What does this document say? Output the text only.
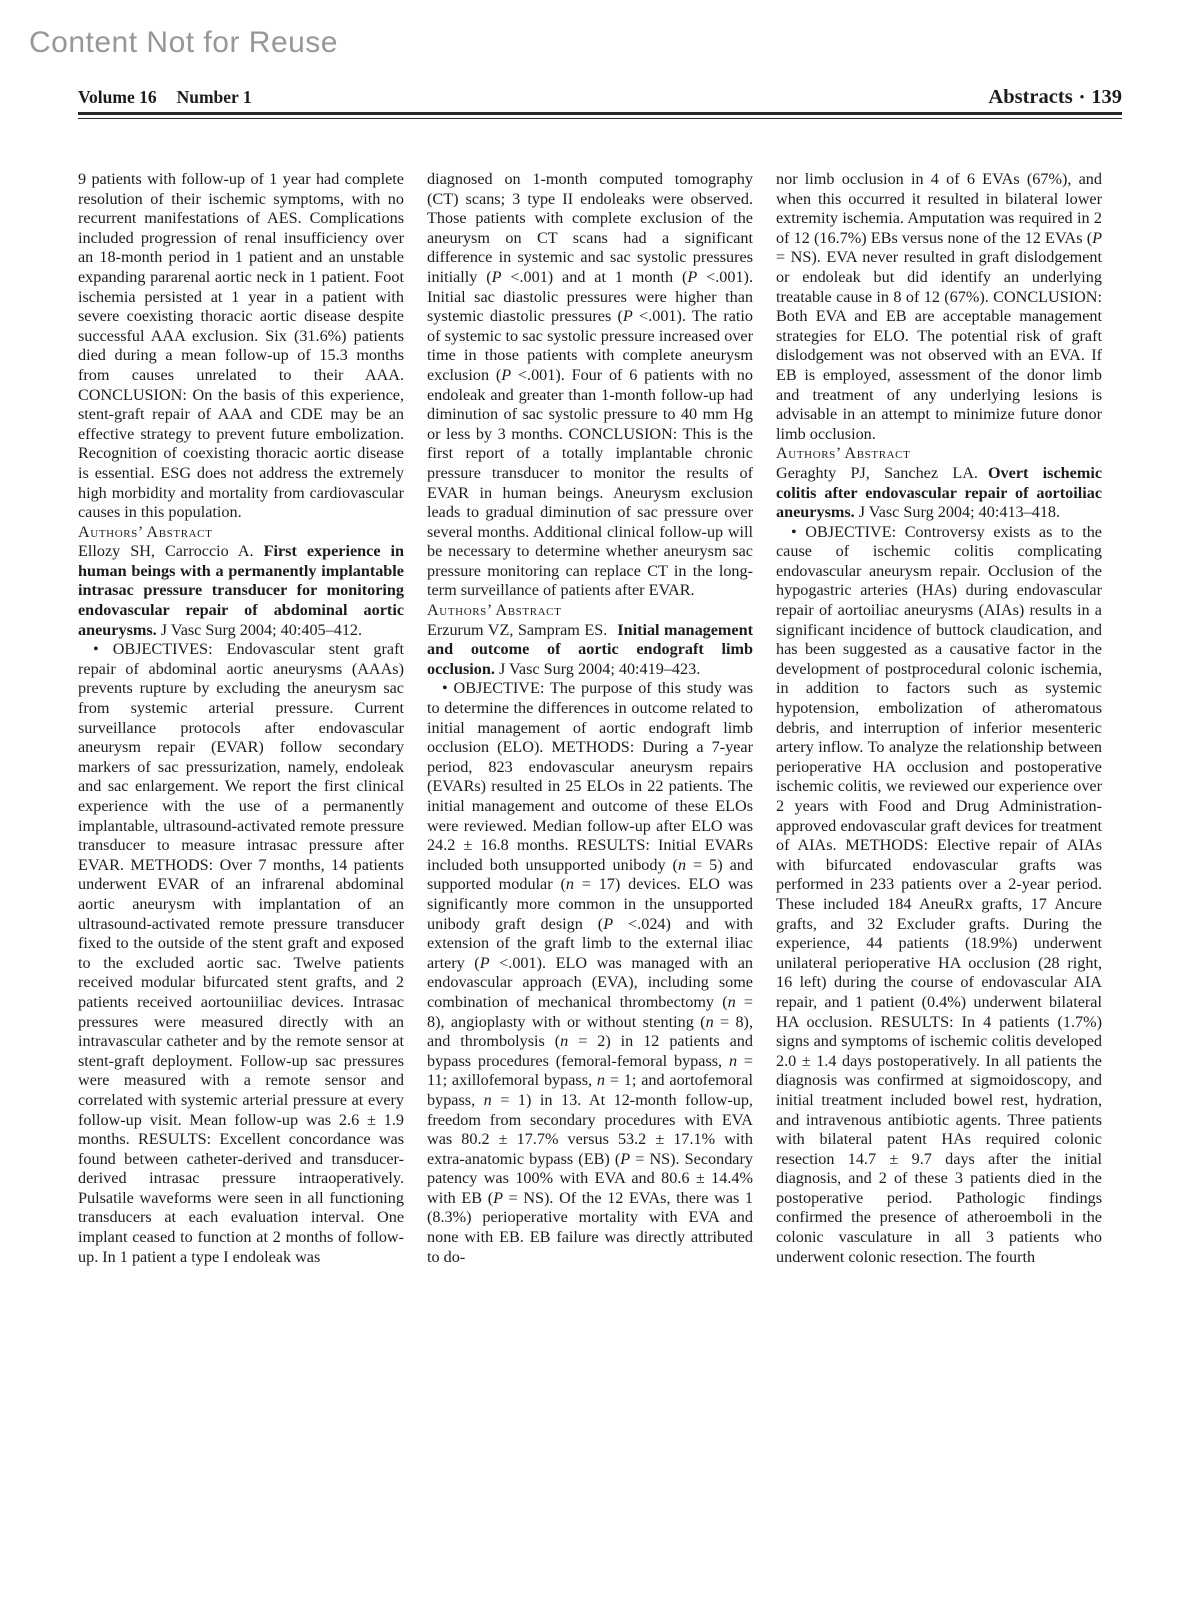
Content Not for Reuse
Volume 16 Number 1	Abstracts • 139

9 patients with follow-up of 1 year had complete resolution of their ischemic symptoms, with no recurrent manifestations of AES. Complications included progression of renal insufficiency over an 18-month period in 1 patient and an unstable expanding pararenal aortic neck in 1 patient. Foot ischemia persisted at 1 year in a patient with severe coexisting thoracic aortic disease despite successful AAA exclusion. Six (31.6%) patients died during a mean follow-up of 15.3 months from causes unrelated to their AAA. CONCLUSION: On the basis of this experience, stent-graft repair of AAA and CDE may be an effective strategy to prevent future embolization. Recognition of coexisting thoracic aortic disease is essential. ESG does not address the extremely high morbidity and mortality from cardiovascular causes in this population.

Authors’ Abstract

Ellozy SH, Carroccio A. First experience in human beings with a permanently implantable intrasac pressure transducer for monitoring endovascular repair of abdominal aortic aneurysms. J Vasc Surg 2004; 40:405–412.

• OBJECTIVES: Endovascular stent graft repair of abdominal aortic aneurysms (AAAs) prevents rupture by excluding the aneurysm sac from systemic arterial pressure. Current surveillance protocols after endovascular aneurysm repair (EVAR) follow secondary markers of sac pressurization, namely, endoleak and sac enlargement. We report the first clinical experience with the use of a permanently implantable, ultrasound-activated remote pressure transducer to measure intrasac pressure after EVAR. METHODS: Over 7 months, 14 patients underwent EVAR of an infrarenal abdominal aortic aneurysm with implantation of an ultrasound-activated remote pressure transducer fixed to the outside of the stent graft and exposed to the excluded aortic sac. Twelve patients received modular bifurcated stent grafts, and 2 patients received aortouniiliac devices. Intrasac pressures were measured directly with an intravascular catheter and by the remote sensor at stent-graft deployment. Follow-up sac pressures were measured with a remote sensor and correlated with systemic arterial pressure at every follow-up visit. Mean follow-up was 2.6 ± 1.9 months. RESULTS: Excellent concordance was found between catheter-derived and transducer-derived intrasac pressure intraoperatively. Pulsatile waveforms were seen in all functioning transducers at each evaluation interval. One implant ceased to function at 2 months of follow-up. In 1 patient a type I endoleak was

diagnosed on 1-month computed tomography (CT) scans; 3 type II endoleaks were observed. Those patients with complete exclusion of the aneurysm on CT scans had a significant difference in systemic and sac systolic pressures initially (P <.001) and at 1 month (P <.001). Initial sac diastolic pressures were higher than systemic diastolic pressures (P <.001). The ratio of systemic to sac systolic pressure increased over time in those patients with complete aneurysm exclusion (P <.001). Four of 6 patients with no endoleak and greater than 1-month follow-up had diminution of sac systolic pressure to 40 mm Hg or less by 3 months. CONCLUSION: This is the first report of a totally implantable chronic pressure transducer to monitor the results of EVAR in human beings. Aneurysm exclusion leads to gradual diminution of sac pressure over several months. Additional clinical follow-up will be necessary to determine whether aneurysm sac pressure monitoring can replace CT in the long-term surveillance of patients after EVAR.

Authors’ Abstract

Erzurum VZ, Sampram ES. Initial management and outcome of aortic endograft limb occlusion. J Vasc Surg 2004; 40:419–423.

• OBJECTIVE: The purpose of this study was to determine the differences in outcome related to initial management of aortic endograft limb occlusion (ELO). METHODS: During a 7-year period, 823 endovascular aneurysm repairs (EVARs) resulted in 25 ELOs in 22 patients. The initial management and outcome of these ELOs were reviewed. Median follow-up after ELO was 24.2 ± 16.8 months. RESULTS: Initial EVARs included both unsupported unibody (n = 5) and supported modular (n = 17) devices. ELO was significantly more common in the unsupported unibody graft design (P <.024) and with extension of the graft limb to the external iliac artery (P <.001). ELO was managed with an endovascular approach (EVA), including some combination of mechanical thrombectomy (n = 8), angioplasty with or without stenting (n = 8), and thrombolysis (n = 2) in 12 patients and bypass procedures (femoral-femoral bypass, n = 11; axillofemoral bypass, n = 1; and aortofemoral bypass, n = 1) in 13. At 12-month follow-up, freedom from secondary procedures with EVA was 80.2 ± 17.7% versus 53.2 ± 17.1% with extra-anatomic bypass (EB) (P = NS). Secondary patency was 100% with EVA and 80.6 ± 14.4% with EB (P = NS). Of the 12 EVAs, there was 1 (8.3%) perioperative mortality with EVA and none with EB. EB failure was directly attributed to do-

nor limb occlusion in 4 of 6 EVAs (67%), and when this occurred it resulted in bilateral lower extremity ischemia. Amputation was required in 2 of 12 (16.7%) EBs versus none of the 12 EVAs (P = NS). EVA never resulted in graft dislodgement or endoleak but did identify an underlying treatable cause in 8 of 12 (67%). CONCLUSION: Both EVA and EB are acceptable management strategies for ELO. The potential risk of graft dislodgement was not observed with an EVA. If EB is employed, assessment of the donor limb and treatment of any underlying lesions is advisable in an attempt to minimize future donor limb occlusion.

Authors’ Abstract

Geraghty PJ, Sanchez LA. Overt ischemic colitis after endovascular repair of aortoiliac aneurysms. J Vasc Surg 2004; 40:413–418.

• OBJECTIVE: Controversy exists as to the cause of ischemic colitis complicating endovascular aneurysm repair. Occlusion of the hypogastric arteries (HAs) during endovascular repair of aortoiliac aneurysms (AIAs) results in a significant incidence of buttock claudication, and has been suggested as a causative factor in the development of postprocedural colonic ischemia, in addition to factors such as systemic hypotension, embolization of atheromatous debris, and interruption of inferior mesenteric artery inflow. To analyze the relationship between perioperative HA occlusion and postoperative ischemic colitis, we reviewed our experience over 2 years with Food and Drug Administration-approved endovascular graft devices for treatment of AIAs. METHODS: Elective repair of AIAs with bifurcated endovascular grafts was performed in 233 patients over a 2-year period. These included 184 AneuRx grafts, 17 Ancure grafts, and 32 Excluder grafts. During the experience, 44 patients (18.9%) underwent unilateral perioperative HA occlusion (28 right, 16 left) during the course of endovascular AIA repair, and 1 patient (0.4%) underwent bilateral HA occlusion. RESULTS: In 4 patients (1.7%) signs and symptoms of ischemic colitis developed 2.0 ± 1.4 days postoperatively. In all patients the diagnosis was confirmed at sigmoidoscopy, and initial treatment included bowel rest, hydration, and intravenous antibiotic agents. Three patients with bilateral patent HAs required colonic resection 14.7 ± 9.7 days after the initial diagnosis, and 2 of these 3 patients died in the postoperative period. Pathologic findings confirmed the presence of atheroemboli in the colonic vasculature in all 3 patients who underwent colonic resection. The fourth
